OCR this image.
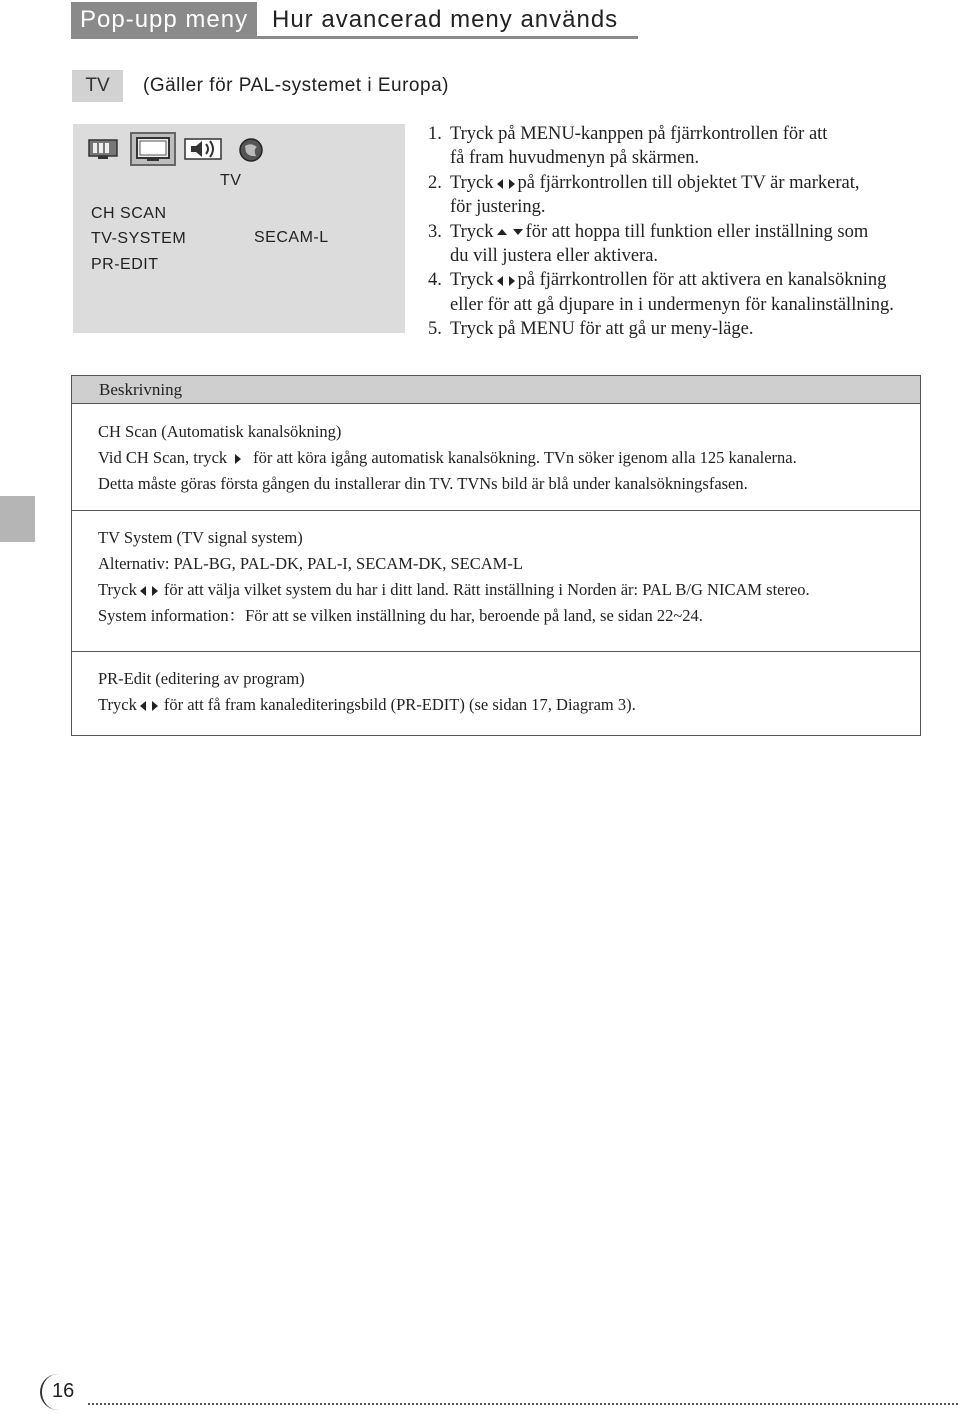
Pop-upp meny Hur avancerad meny används
TV	(Gäller för PAL-systemet i Europa)
TV
CH SCAN
TV-SYSTEM
PR-EDIT
SECAM-L
1. Tryck på MENU-kanppen på fjärrkontrollen för att
få fram huvudmenyn på skärmen.
2. Tryck på fjärrkontrollen till objektet TV är markerat,
för justering.
3. Tryck för att hoppa till funktion eller inställning som
du vill justera eller aktivera.
4. Tryck på fjärrkontrollen för att aktivera en kanalsökning
eller för att gå djupare in i undermenyn för kanalinställning.
5. Tryck på MENU för att gå ur meny-läge.
Beskrivning
CH Scan (Automatisk kanalsökning)
Vid CH Scan, tryck för att köra igång automatisk kanalsökning. TVn söker igenom alla 125 kanalerna.
Detta måste göras första gången du installerar din TV. TVNs bild är blå under kanalsökningsfasen.
TV System (TV signal system)
Alternativ: PAL-BG, PAL-DK, PAL-I, SECAM-DK, SECAM-L
Tryck för att välja vilket system du har i ditt land. Rätt inställning i Norden är: PAL B/G NICAM stereo.
System information：För att se vilken inställning du har, beroende på land, se sidan 22~24.
PR-Edit (editering av program)
Tryck för att få fram kanalediteringsbild (PR-EDIT) (se sidan 17, Diagram 3).
16
